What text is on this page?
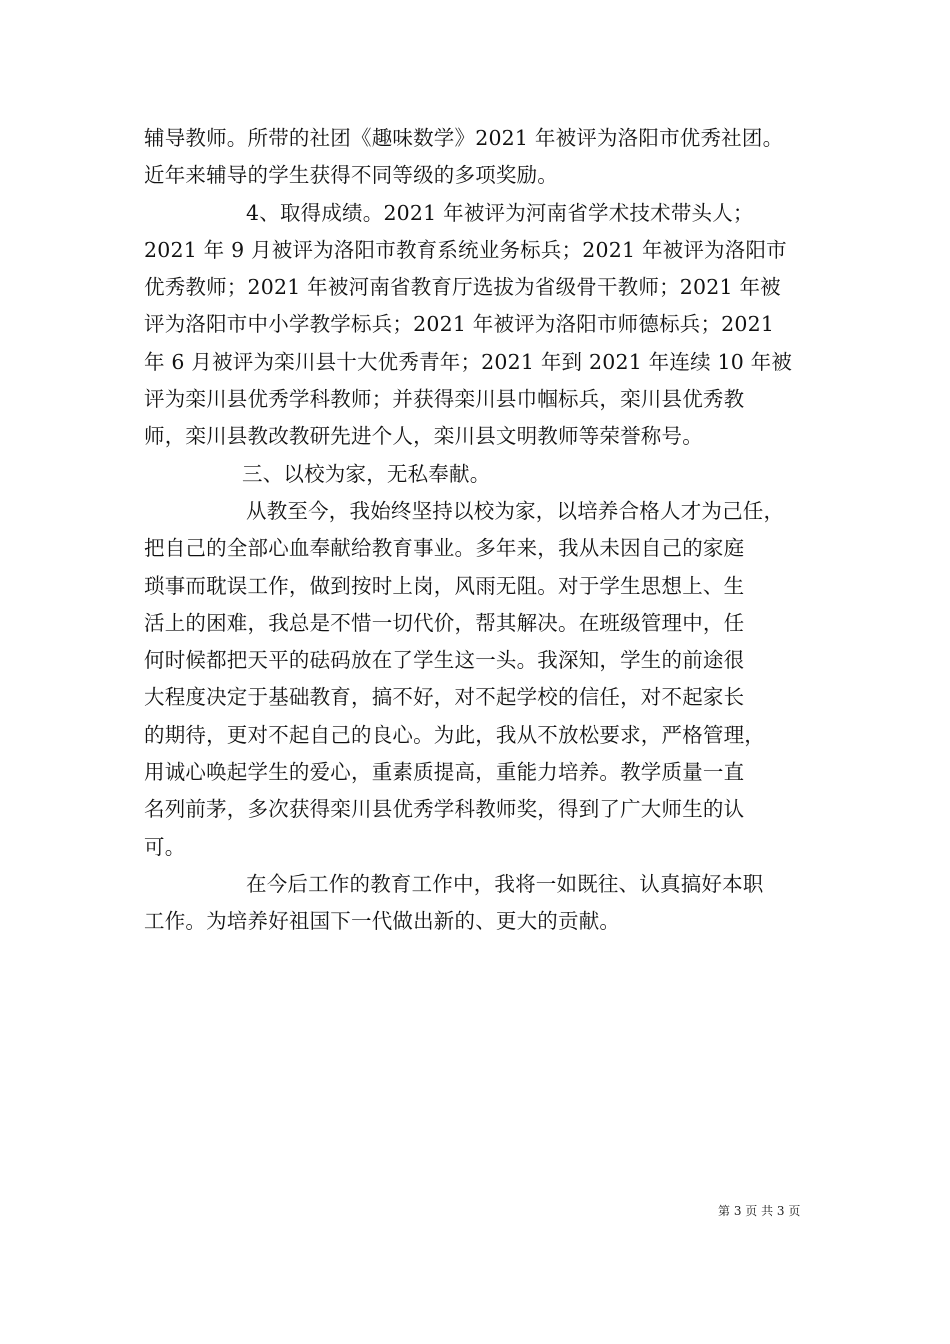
辅导教师。所带的社团《趣味数学》2021 年被评为洛阳市优秀社团。
近年来辅导的学生获得不同等级的多项奖励。
4、取得成绩。2021 年被评为河南省学术技术带头人；
2021 年 9 月被评为洛阳市教育系统业务标兵；2021 年被评为洛阳市
优秀教师；2021 年被河南省教育厅选拔为省级骨干教师；2021 年被
评为洛阳市中小学教学标兵；2021 年被评为洛阳市师德标兵；2021
年 6 月被评为栾川县十大优秀青年；2021 年到 2021 年连续 10 年被
评为栾川县优秀学科教师；并获得栾川县巾帼标兵，栾川县优秀教
师，栾川县教改教研先进个人，栾川县文明教师等荣誉称号。
三、以校为家，无私奉献。
从教至今，我始终坚持以校为家，以培养合格人才为己任，
把自己的全部心血奉献给教育事业。多年来，我从未因自己的家庭
琐事而耽误工作，做到按时上岗，风雨无阻。对于学生思想上、生
活上的困难，我总是不惜一切代价，帮其解决。在班级管理中，任
何时候都把天平的砝码放在了学生这一头。我深知，学生的前途很
大程度决定于基础教育，搞不好，对不起学校的信任，对不起家长
的期待，更对不起自己的良心。为此，我从不放松要求，严格管理，
用诚心唤起学生的爱心，重素质提高，重能力培养。教学质量一直
名列前茅，多次获得栾川县优秀学科教师奖，得到了广大师生的认
可。
在今后工作的教育工作中，我将一如既往、认真搞好本职
工作。为培养好祖国下一代做出新的、更大的贡献。
第 3 页 共 3 页
